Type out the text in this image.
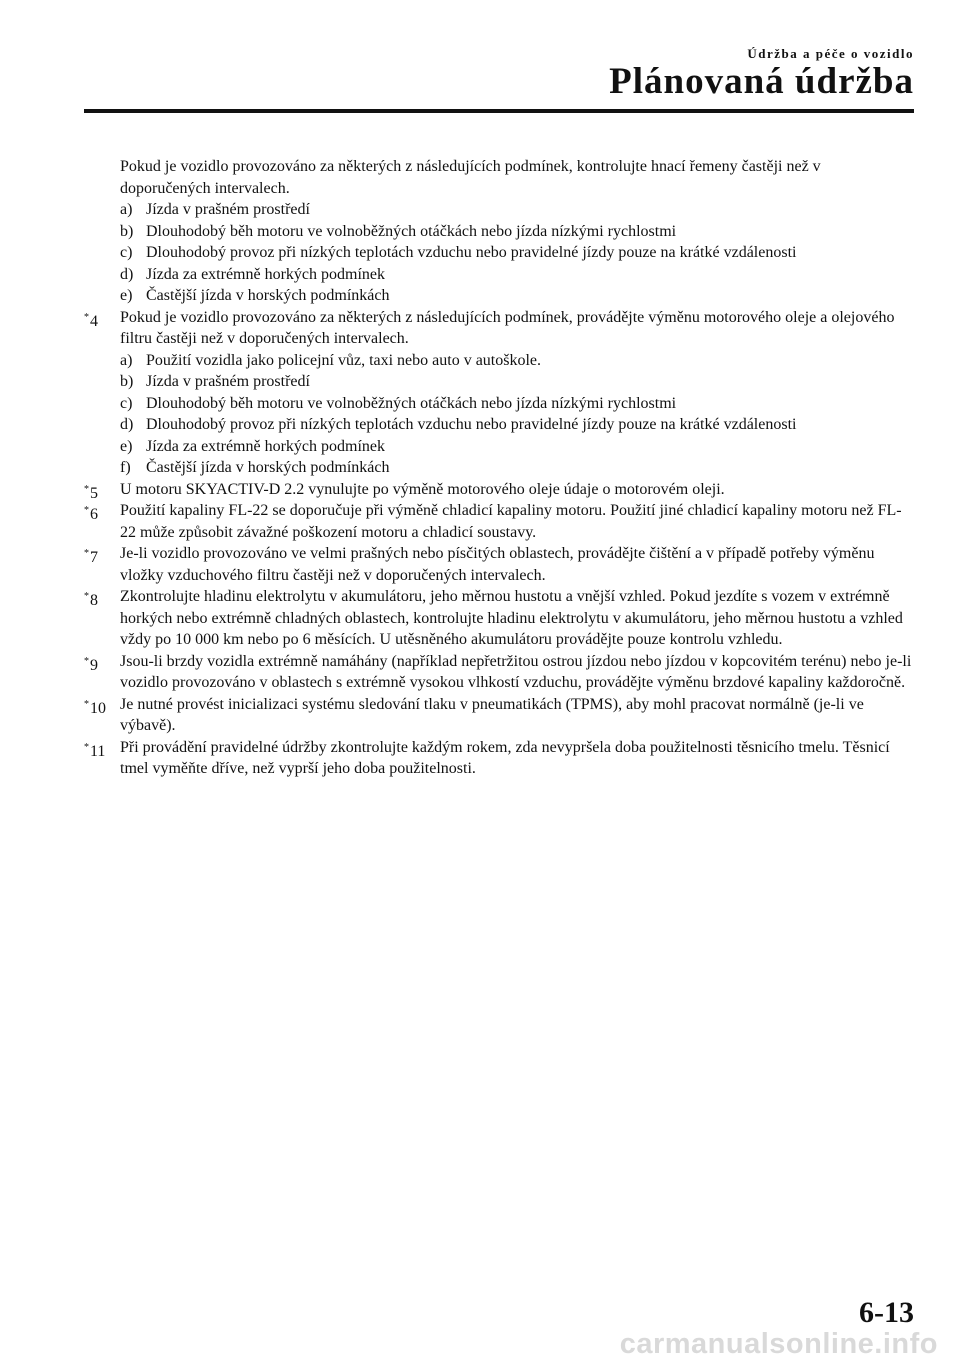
Údržba a péče o vozidlo
Plánovaná údržba

Pokud je vozidlo provozováno za některých z následujících podmínek, kontrolujte hnací řemeny častěji než v doporučených intervalech.

a) Jízda v prašném prostředí
b) Dlouhodobý běh motoru ve volnoběžných otáčkách nebo jízda nízkými rychlostmi
c) Dlouhodobý provoz při nízkých teplotách vzduchu nebo pravidelné jízdy pouze na krátké vzdálenosti
d) Jízda za extrémně horkých podmínek
e) Častější jízda v horských podmínkách
*4 Pokud je vozidlo provozováno za některých z následujících podmínek, provádějte výměnu motorového oleje a olejového filtru častěji než v doporučených intervalech.
a) Použití vozidla jako policejní vůz, taxi nebo auto v autoškole.
b) Jízda v prašném prostředí
c) Dlouhodobý běh motoru ve volnoběžných otáčkách nebo jízda nízkými rychlostmi
d) Dlouhodobý provoz při nízkých teplotách vzduchu nebo pravidelné jízdy pouze na krátké vzdálenosti
e) Jízda za extrémně horkých podmínek
f) Častější jízda v horských podmínkách
*5 U motoru SKYACTIV-D 2.2 vynulujte po výměně motorového oleje údaje o motorovém oleji.
*6 Použití kapaliny FL-22 se doporučuje při výměně chladicí kapaliny motoru. Použití jiné chladicí kapaliny motoru než FL-22 může způsobit závažné poškození motoru a chladicí soustavy.
*7 Je-li vozidlo provozováno ve velmi prašných nebo písčitých oblastech, provádějte čištění a v případě potřeby výměnu vložky vzduchového filtru častěji než v doporučených intervalech.
*8 Zkontrolujte hladinu elektrolytu v akumulátoru, jeho měrnou hustotu a vnější vzhled. Pokud jezdíte s vozem v extrémně horkých nebo extrémně chladných oblastech, kontrolujte hladinu elektrolytu v akumulátoru, jeho měrnou hustotu a vzhled vždy po 10 000 km nebo po 6 měsících. U utěsněného akumulátoru provádějte pouze kontrolu vzhledu.
*9 Jsou-li brzdy vozidla extrémně namáhány (například nepřetržitou ostrou jízdou nebo jízdou v kopcovitém terénu) nebo je-li vozidlo provozováno v oblastech s extrémně vysokou vlhkostí vzduchu, provádějte výměnu brzdové kapaliny každoročně.
*10 Je nutné provést inicializaci systému sledování tlaku v pneumatikách (TPMS), aby mohl pracovat normálně (je-li ve výbavě).
*11 Při provádění pravidelné údržby zkontrolujte každým rokem, zda nevypršela doba použitelnosti těsnicího tmelu. Těsnicí tmel vyměňte dříve, než vyprší jeho doba použitelnosti.
6-13
carmanualsonline.info
